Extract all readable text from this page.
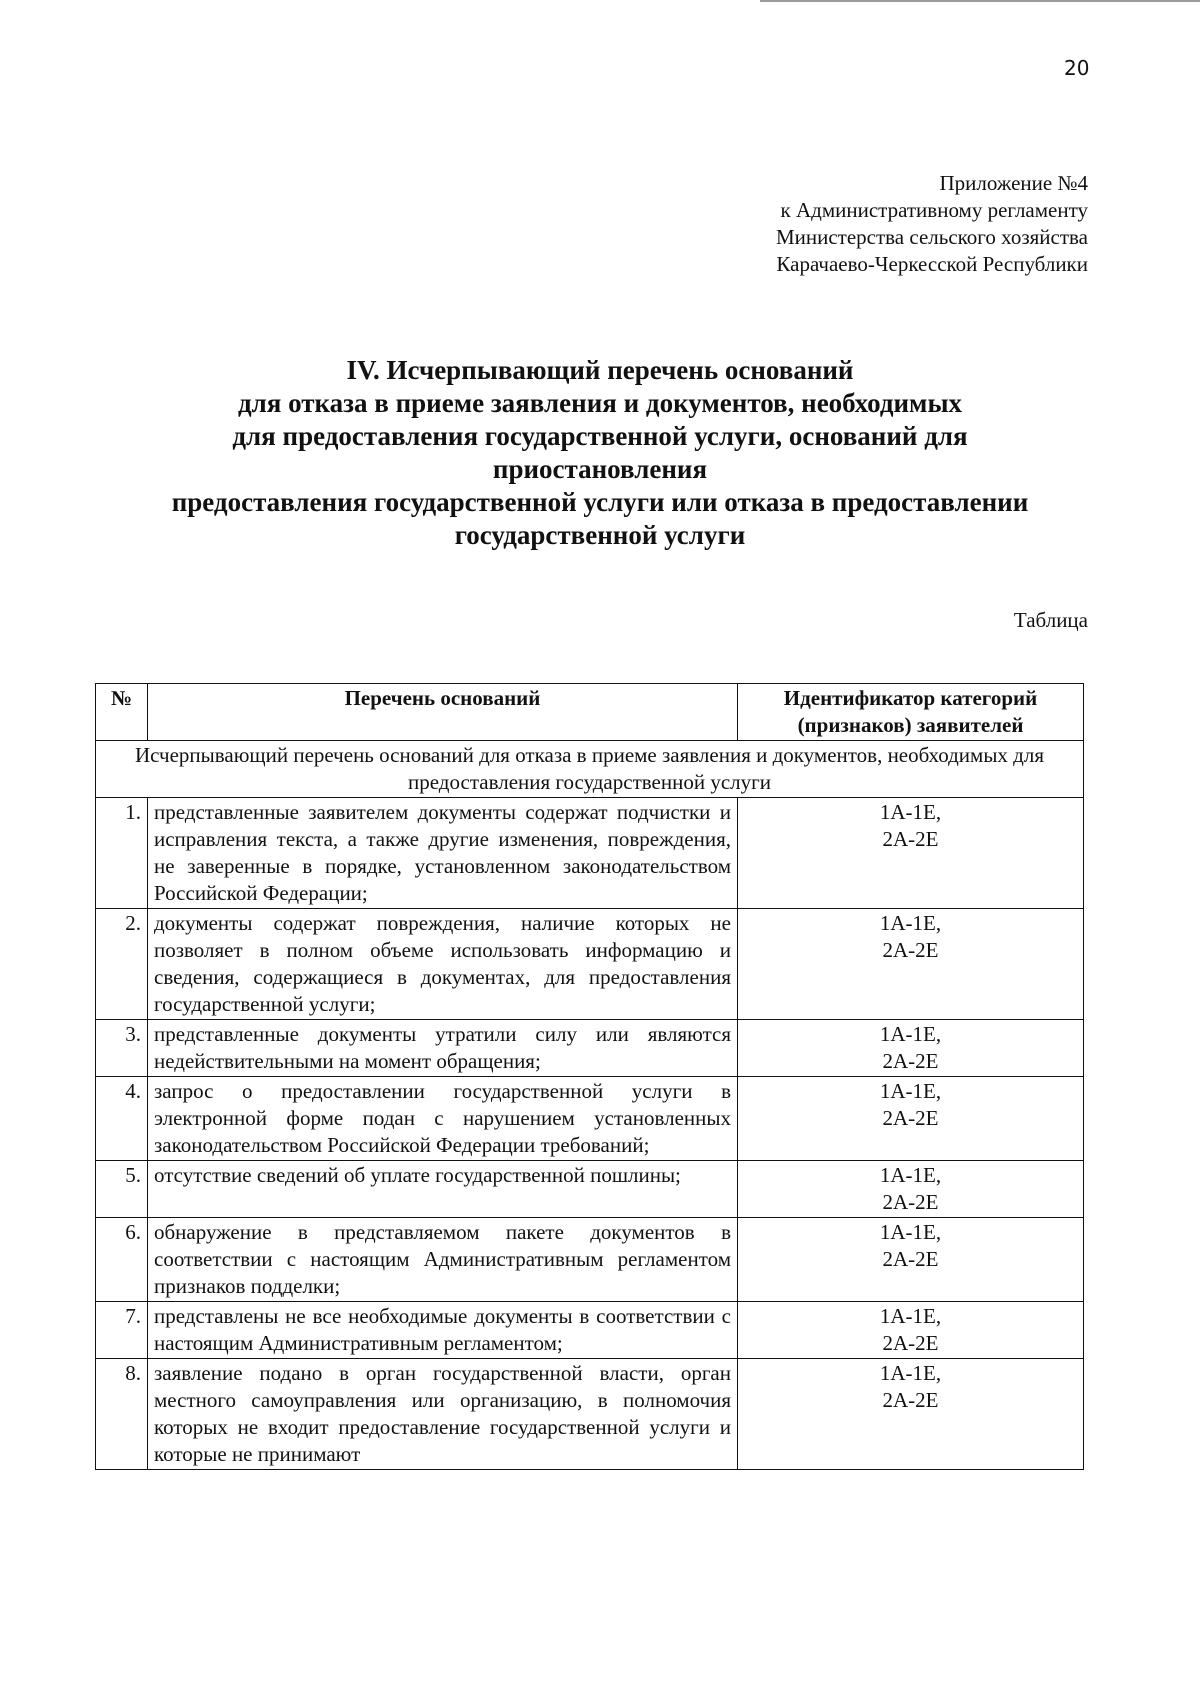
20
Приложение №4
к Административному регламенту
Министерства сельского хозяйства
Карачаево-Черкесской Республики
IV. Исчерпывающий перечень оснований
для отказа в приеме заявления и документов, необходимых
для предоставления государственной услуги, оснований для
приостановления
предоставления государственной услуги или отказа в предоставлении
государственной услуги
Таблица
№	Перечень оснований	Идентификатор категорий (признаков) заявителей
Исчерпывающий перечень оснований для отказа в приеме заявления и документов, необходимых для предоставления государственной услуги		
1.	представленные заявителем документы содержат подчистки и исправления текста, а также другие изменения, повреждения, не заверенные в порядке, установленном законодательством Российской Федерации;	1А-1Е,
2А-2Е

2.	документы содержат повреждения, наличие которых не позволяет в полном объеме использовать информацию и сведения, содержащиеся в документах, для предоставления государственной услуги;	1А-1Е,
2А-2Е

3.	представленные документы утратили силу или являются недействительными на момент обращения;	1А-1Е,
2А-2Е

4.	запрос о предоставлении государственной услуги в электронной форме подан с нарушением установленных законодательством Российской Федерации требований;	1А-1Е,
2А-2Е

5.	отсутствие сведений об уплате государственной пошлины;	1А-1Е,
2А-2Е

6.	обнаружение в представляемом пакете документов в соответствии с настоящим Административным регламентом признаков подделки;	1А-1Е,
2А-2Е

7.	представлены не все необходимые документы в соответствии с настоящим Административным регламентом;	1А-1Е,
2А-2Е

8.	заявление подано в орган государственной власти, орган местного самоуправления или организацию, в полномочия которых не входит предоставление государственной услуги и которые не принимают	1А-1Е,
2А-2Е
